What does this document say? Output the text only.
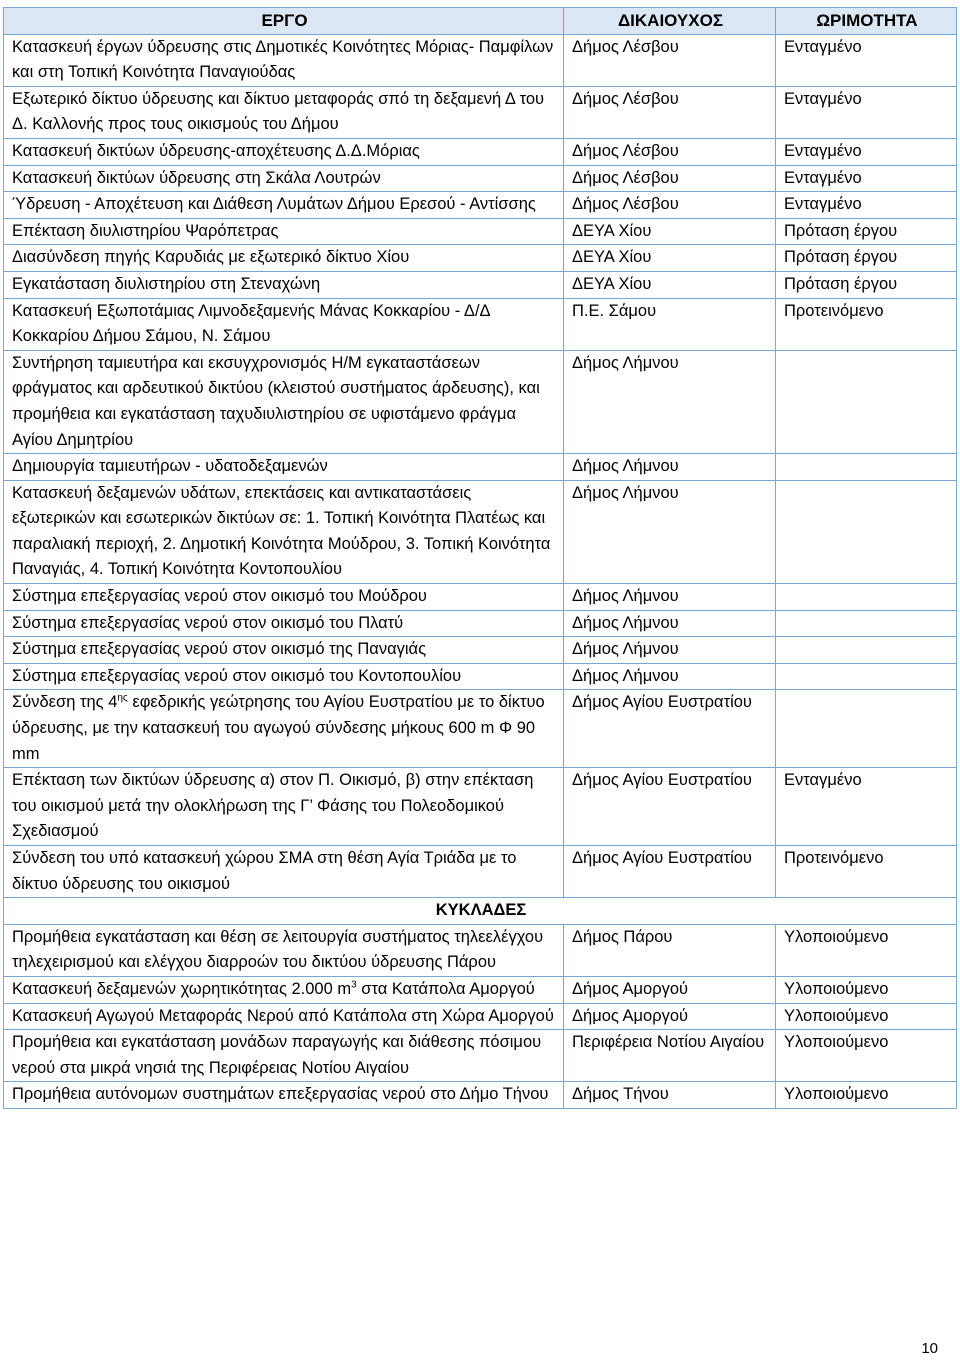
ΕΡΓΟ	ΔΙΚΑΙΟΥΧΟΣ	ΩΡΙΜΟΤΗΤΑ
Κατασκευή έργων ύδρευσης στις Δημοτικές Κοινότητες Μόριας- Παμφίλων και στη Τοπική Κοινότητα Παναγιούδας	Δήμος Λέσβου	Ενταγμένο
Εξωτερικό δίκτυο ύδρευσης και δίκτυο μεταφοράς σπό τη δεξαμενή Δ του Δ. Καλλονής προς τους οικισμούς του Δήμου	Δήμος Λέσβου	Ενταγμένο
Κατασκευή δικτύων ύδρευσης-αποχέτευσης Δ.Δ.Μόριας	Δήμος Λέσβου	Ενταγμένο
Κατασκευή δικτύων ύδρευσης στη Σκάλα Λουτρών	Δήμος Λέσβου	Ενταγμένο
Ύδρευση - Αποχέτευση και Διάθεση Λυμάτων Δήμου Ερεσού - Αντίσσης	Δήμος Λέσβου	Ενταγμένο
Επέκταση διυλιστηρίου Ψαρόπετρας	ΔΕΥΑ Χίου	Πρόταση έργου
Διασύνδεση πηγής Καρυδιάς με εξωτερικό δίκτυο Χίου	ΔΕΥΑ Χίου	Πρόταση έργου
Εγκατάσταση διυλιστηρίου στη Στεναχώνη	ΔΕΥΑ Χίου	Πρόταση έργου
Κατασκευή Εξωποτάμιας Λιμνοδεξαμενής Μάνας Κοκκαρίου - Δ/Δ Κοκκαρίου Δήμου Σάμου, Ν. Σάμου	Π.Ε. Σάμου	Προτεινόμενο
Συντήρηση ταμιευτήρα και εκσυγχρονισμός Η/Μ εγκαταστάσεων φράγματος και αρδευτικού δικτύου (κλειστού συστήματος άρδευσης), και προμήθεια και εγκατάσταση ταχυδιυλιστηρίου σε υφιστάμενο φράγμα Αγίου Δημητρίου	Δήμος Λήμνου	
Δημιουργία ταμιευτήρων - υδατοδεξαμενών	Δήμος Λήμνου	
Κατασκευή δεξαμενών υδάτων, επεκτάσεις και αντικαταστάσεις εξωτερικών και εσωτερικών δικτύων σε: 1. Τοπική Κοινότητα Πλατέως και παραλιακή περιοχή, 2. Δημοτική Κοινότητα Μούδρου, 3. Τοπική Κοινότητα Παναγιάς, 4. Τοπική Κοινότητα Κοντοπουλίου	Δήμος Λήμνου	
Σύστημα επεξεργασίας νερού στον οικισμό του Μούδρου	Δήμος Λήμνου	
Σύστημα επεξεργασίας νερού στον οικισμό του Πλατύ	Δήμος Λήμνου	
Σύστημα επεξεργασίας νερού στον οικισμό της Παναγιάς	Δήμος Λήμνου	
Σύστημα επεξεργασίας νερού στον οικισμό του Κοντοπουλίου	Δήμος Λήμνου	
Σύνδεση της $4^{\eta\varsigma}$ εφεδρικής γεώτρησης του Αγίου Ευστρατίου με το δίκτυο ύδρευσης, με την κατασκευή του αγωγού σύνδεσης μήκους 600 m Φ 90 mm	Δήμος Αγίου Ευστρατίου	
Επέκταση των δικτύων ύδρευσης α) στον Π. Οικισμό, β) στην επέκταση του οικισμού μετά την ολοκλήρωση της Γ’ Φάσης του Πολεοδομικού Σχεδιασμού	Δήμος Αγίου Ευστρατίου	Ενταγμένο
Σύνδεση του υπό κατασκευή χώρου ΣΜΑ στη θέση Αγία Τριάδα με το δίκτυο ύδρευσης του οικισμού	Δήμος Αγίου Ευστρατίου	Προτεινόμενο
ΚΥΚΛΑΔΕΣ		
Προμήθεια εγκατάσταση και θέση σε λειτουργία συστήματος τηλεελέγχου τηλεχειρισμού και ελέγχου διαρροών του δικτύου ύδρευσης Πάρου	Δήμος Πάρου	Υλοποιούμενο
Κατασκευή δεξαμενών χωρητικότητας 2.000 $m^3$ στα Κατάπολα Αμοργού	Δήμος Αμοργού	Υλοποιούμενο
Κατασκευή Αγωγού Μεταφοράς Νερού από Κατάπολα στη Χώρα Αμοργού	Δήμος Αμοργού	Υλοποιούμενο
Προμήθεια και εγκατάσταση μονάδων παραγωγής και διάθεσης πόσιμου νερού στα μικρά νησιά της Περιφέρειας Νοτίου Αιγαίου	Περιφέρεια Νοτίου Αιγαίου	Υλοποιούμενο
Προμήθεια αυτόνομων συστημάτων επεξεργασίας νερού στο Δήμο Τήνου	Δήμος Τήνου	Υλοποιούμενο
10
